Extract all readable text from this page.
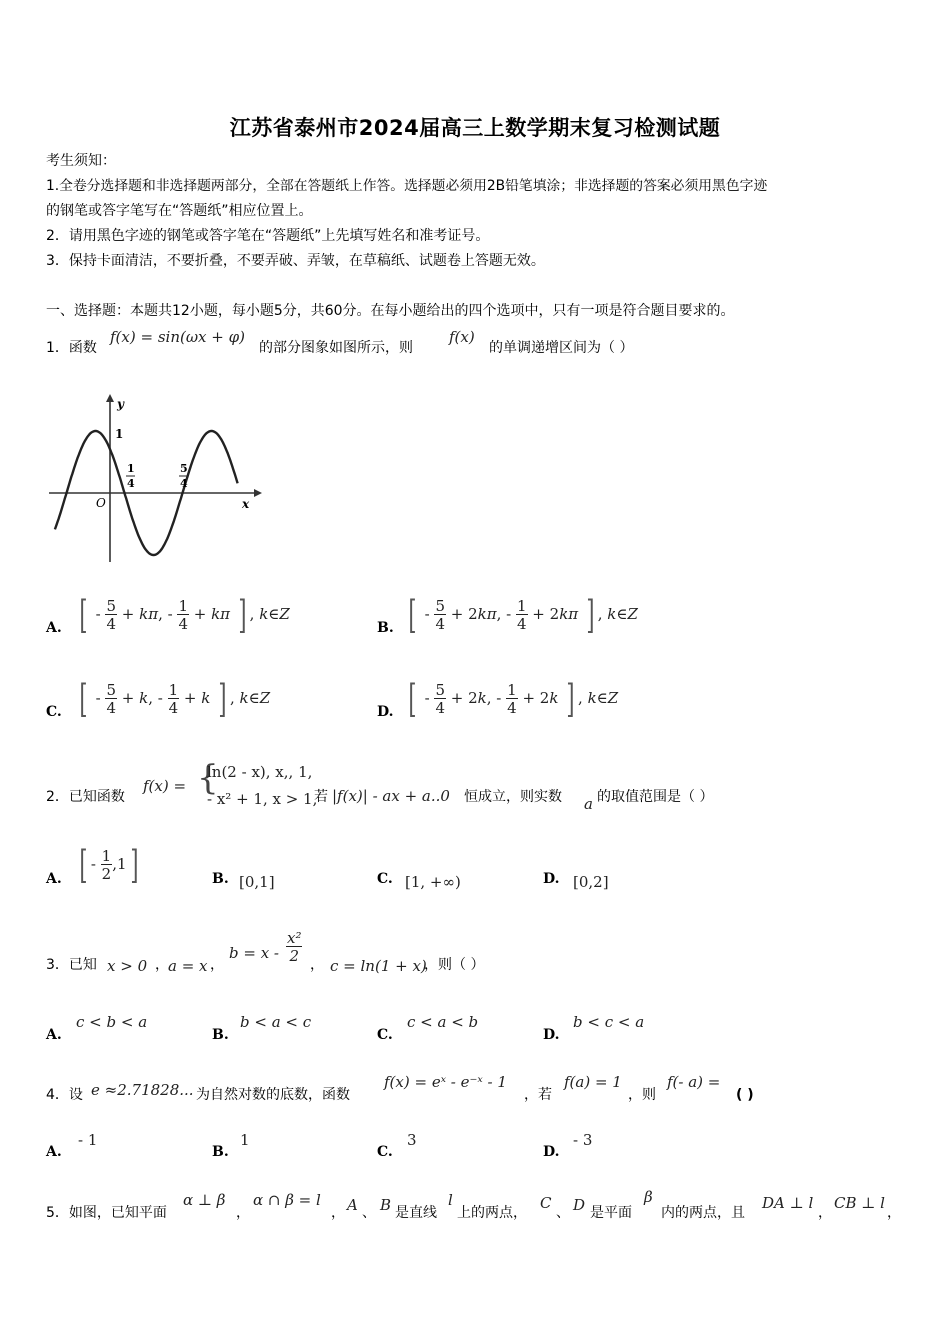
江苏省泰州市2024届高三上数学期末复习检测试题
考生须知：
1.全卷分选择题和非选择题两部分，全部在答题纸上作答。选择题必须用2B铅笔填涂；非选择题的答案必须用黑色字迹
的钢笔或答字笔写在“答题纸”相应位置上。
2．请用黑色字迹的钢笔或答字笔在“答题纸”上先填写姓名和准考证号。
3．保持卡面清洁，不要折叠，不要弄破、弄皱，在草稿纸、试题卷上答题无效。
一、选择题：本题共12小题，每小题5分，共60分。在每小题给出的四个选项中，只有一项是符合题目要求的。
1．函数
f(x) = sin(ωx + φ)
的部分图象如图所示，则
f(x)
的单调递增区间为（ ）
y
x
O
1
1
4
5
4
A. [ - $\frac{5}{4} + k\pi$, - $\frac{1}{4} + k\pi$ ] , k∈Z
B. [ - $\frac{5}{4} + 2k\pi$, - $\frac{1}{4} + 2k\pi$ ] , k∈Z
C. [ - $\frac{5}{4} + k$, - $\frac{1}{4} + k$ ] , k∈Z
D. [ - $\frac{5}{4} + 2k$, - $\frac{1}{4} + 2k$ ] , k∈Z
2．已知函数
f(x) = {
ln(2 - x), x,, 1,
- x² + 1, x > 1,
若 |f(x)| - ax + a..0 恒成立，则实数 a 的取值范围是（ ）
A. [ - $\frac{1}{2} ,1$]	B. [0,1]	C. [1, +∞)	D. [0,2]
3．已知 x > 0 ， a = x ，
$b = x - \frac{\text{x²}}{2}$ ， c = ln(1 + x)
，则（ ）
A.
c < b < a
B.
b < a < c
C.
c < a < b
D.
b < c < a
4．设 e ≈2.71828... 为自然对数的底数，函数
f(x) = eˣ - e⁻ˣ - 1
，若
f(a) = 1
，则
f(- a) =
( )
A.
- 1
B.
1
C.
3
D.
- 3
5．如图，已知平面
α ⊥ β
，
α ∩ β = l
， A 、 B 是直线
l
上的两点，
C
、 D 是平面
β
内的两点，且
DA ⊥ l
，
CB ⊥ l
，
